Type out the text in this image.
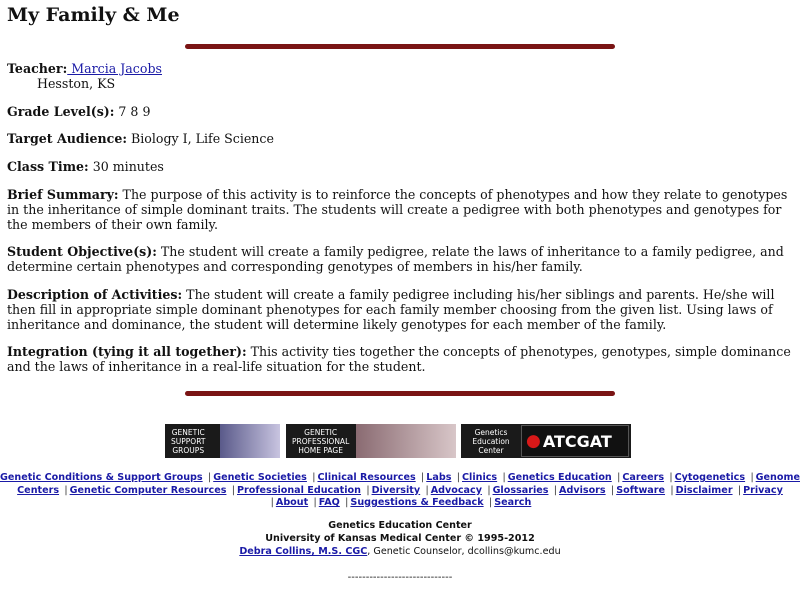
My Family & Me

Teacher: Marcia Jacobs
Hesston, KS

Grade Level(s): 7 8 9

Target Audience: Biology I, Life Science

Class Time: 30 minutes

Brief Summary: The purpose of this activity is to reinforce the concepts of phenotypes and how they relate to genotypes in the inheritance of simple dominant traits. The students will create a pedigree with both phenotypes and genotypes for the members of their own family.

Student Objective(s): The student will create a family pedigree, relate the laws of inheritance to a family pedigree, and determine certain phenotypes and corresponding genotypes of members in his/her family.

Description of Activities: The student will create a family pedigree including his/her siblings and parents. He/she will then fill in appropriate simple dominant phenotypes for each family member choosing from the given list. Using laws of inheritance and dominance, the student will determine likely genotypes for each member of the family.

Integration (tying it all together): This activity ties together the concepts of phenotypes, genotypes, simple dominance and the laws of inheritance in a real-life situation for the student.

GENETIC
SUPPORT
GROUPS
GENETIC
PROFESSIONAL
HOME PAGE
Genetics
Education
Center	● ATCGAT
Genetic Conditions & Support Groups | Genetic Societies | Clinical Resources | Labs | Clinics | Genetics Education | Careers | Cytogenetics | Genome Centers | Genetic Computer Resources | Professional Education | Diversity | Advocacy | Glossaries | Advisors | Software | Disclaimer | Privacy | About | FAQ | Suggestions & Feedback | Search
Genetics Education Center
University of Kansas Medical Center © 1995-2012
Debra Collins, M.S. CGC, Genetic Counselor, dcollins@kumc.edu
-----------------------------
